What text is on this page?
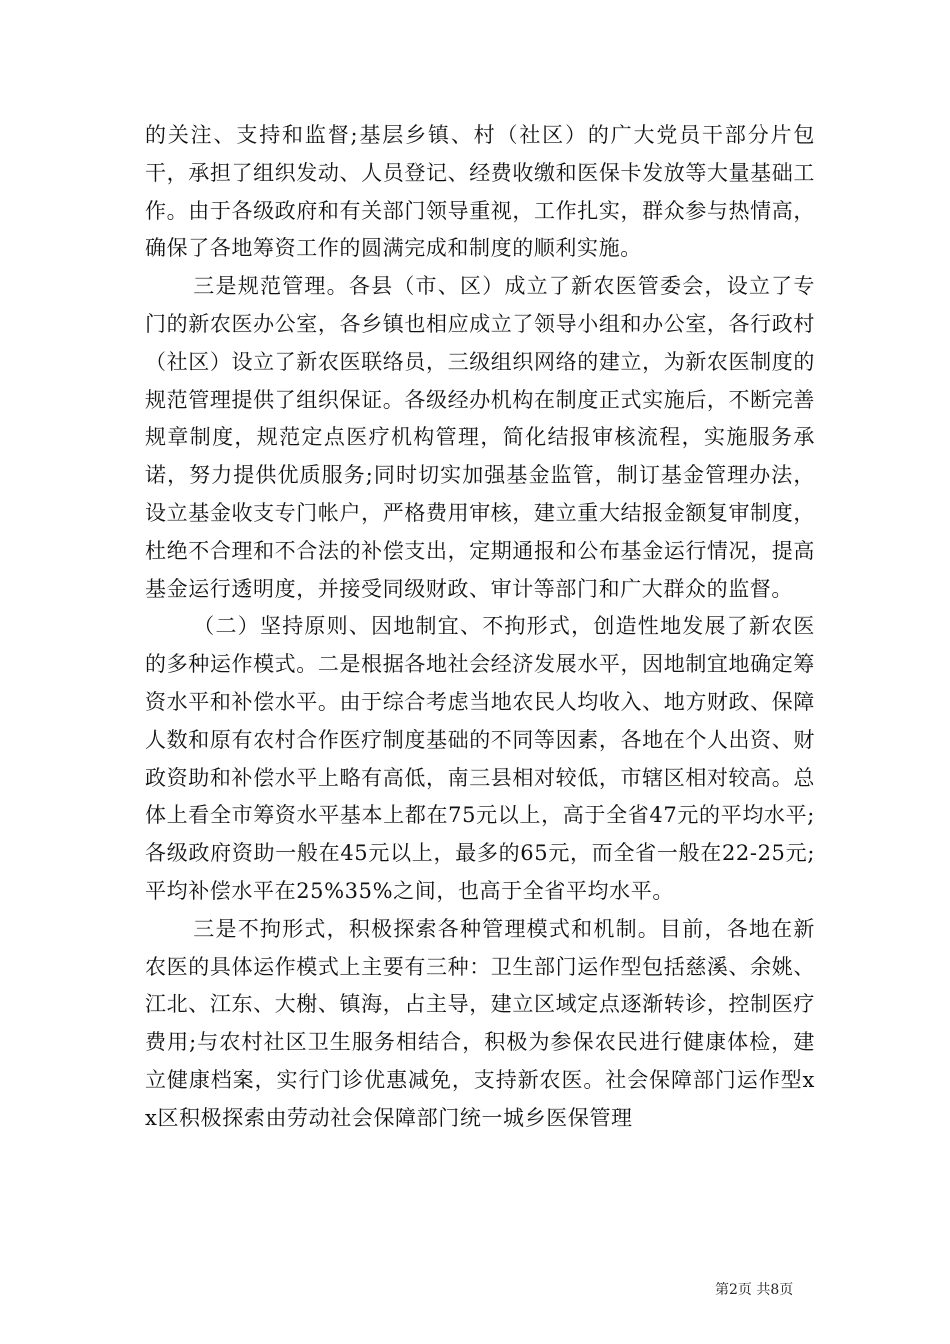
的关注、支持和监督;基层乡镇、村（社区）的广大党员干部分片包干，承担了组织发动、人员登记、经费收缴和医保卡发放等大量基础工作。由于各级政府和有关部门领导重视，工作扎实，群众参与热情高，确保了各地筹资工作的圆满完成和制度的顺利实施。

三是规范管理。各县（市、区）成立了新农医管委会，设立了专门的新农医办公室，各乡镇也相应成立了领导小组和办公室，各行政村（社区）设立了新农医联络员，三级组织网络的建立，为新农医制度的规范管理提供了组织保证。各级经办机构在制度正式实施后，不断完善规章制度，规范定点医疗机构管理，简化结报审核流程，实施服务承诺，努力提供优质服务;同时切实加强基金监管，制订基金管理办法，设立基金收支专门帐户，严格费用审核，建立重大结报金额复审制度，杜绝不合理和不合法的补偿支出，定期通报和公布基金运行情况，提高基金运行透明度，并接受同级财政、审计等部门和广大群众的监督。

（二）坚持原则、因地制宜、不拘形式，创造性地发展了新农医的多种运作模式。二是根据各地社会经济发展水平，因地制宜地确定筹资水平和补偿水平。由于综合考虑当地农民人均收入、地方财政、保障人数和原有农村合作医疗制度基础的不同等因素，各地在个人出资、财政资助和补偿水平上略有高低，南三县相对较低，市辖区相对较高。总体上看全市筹资水平基本上都在75元以上，高于全省47元的平均水平;各级政府资助一般在45元以上，最多的65元，而全省一般在22-25元;平均补偿水平在25%35%之间，也高于全省平均水平。

三是不拘形式，积极探索各种管理模式和机制。目前，各地在新农医的具体运作模式上主要有三种：卫生部门运作型包括慈溪、余姚、江北、江东、大榭、镇海，占主导，建立区域定点逐渐转诊，控制医疗费用;与农村社区卫生服务相结合，积极为参保农民进行健康体检，建立健康档案，实行门诊优惠减免，支持新农医。社会保障部门运作型xx区积极探索由劳动社会保障部门统一城乡医保管理

第2页 共8页
